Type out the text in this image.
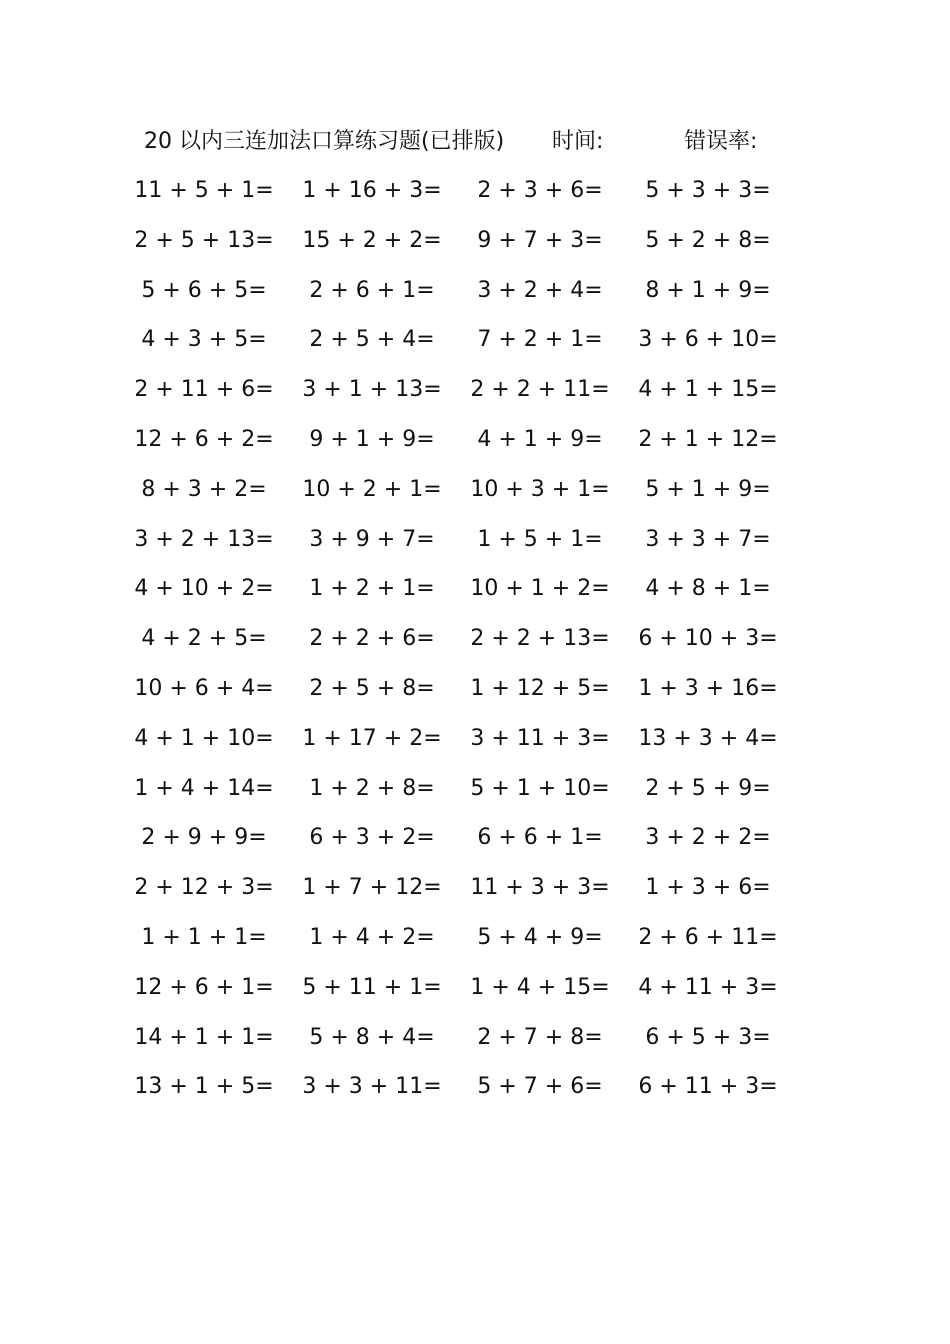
20 以内三连加法口算练习题(已排版) 时间:	错误率:
11 + 5 + 1=	1 + 16 + 3=	2 + 3 + 6=	5 + 3 + 3=
2 + 5 + 13=	15 + 2 + 2=	9 + 7 + 3=	5 + 2 + 8=
5 + 6 + 5=	2 + 6 + 1=	3 + 2 + 4=	8 + 1 + 9=
4 + 3 + 5=	2 + 5 + 4=	7 + 2 + 1=	3 + 6 + 10=
2 + 11 + 6=	3 + 1 + 13=	2 + 2 + 11=	4 + 1 + 15=
12 + 6 + 2=	9 + 1 + 9=	4 + 1 + 9=	2 + 1 + 12=
8 + 3 + 2=	10 + 2 + 1=	10 + 3 + 1=	5 + 1 + 9=
3 + 2 + 13=	3 + 9 + 7=	1 + 5 + 1=	3 + 3 + 7=
4 + 10 + 2=	1 + 2 + 1=	10 + 1 + 2=	4 + 8 + 1=
4 + 2 + 5=	2 + 2 + 6=	2 + 2 + 13=	6 + 10 + 3=
10 + 6 + 4=	2 + 5 + 8=	1 + 12 + 5=	1 + 3 + 16=
4 + 1 + 10=	1 + 17 + 2=	3 + 11 + 3=	13 + 3 + 4=
1 + 4 + 14=	1 + 2 + 8=	5 + 1 + 10=	2 + 5 + 9=
2 + 9 + 9=	6 + 3 + 2=	6 + 6 + 1=	3 + 2 + 2=
2 + 12 + 3=	1 + 7 + 12=	11 + 3 + 3=	1 + 3 + 6=
1 + 1 + 1=	1 + 4 + 2=	5 + 4 + 9=	2 + 6 + 11=
12 + 6 + 1=	5 + 11 + 1=	1 + 4 + 15=	4 + 11 + 3=
14 + 1 + 1=	5 + 8 + 4=	2 + 7 + 8=	6 + 5 + 3=
13 + 1 + 5=	3 + 3 + 11=	5 + 7 + 6=	6 + 11 + 3=
